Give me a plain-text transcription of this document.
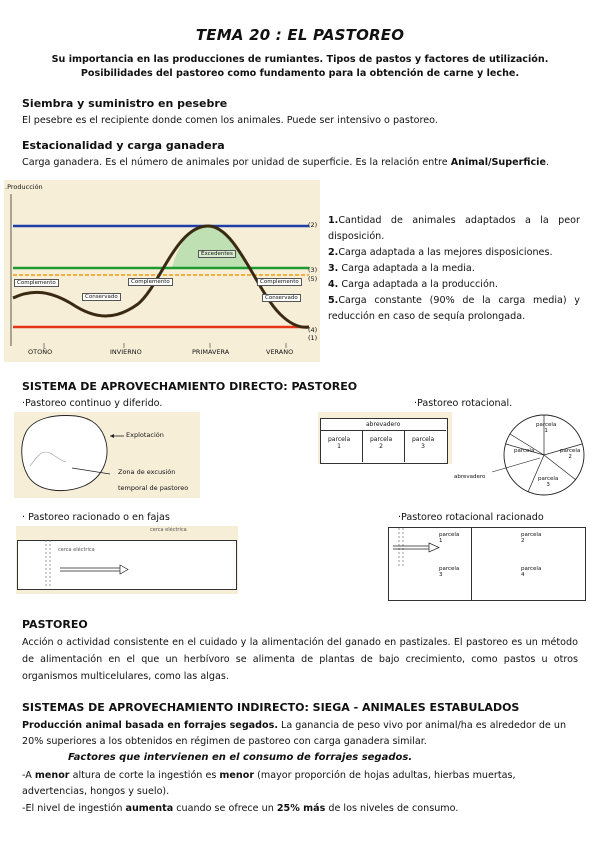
TEMA 20 : EL PASTOREO
Su importancia en las producciones de rumiantes. Tipos de pastos y factores de utilización. Posibilidades del pastoreo como fundamento para la obtención de carne y leche.
Siembra y suministro en pesebre
El pesebre es el recipiente donde comen los animales. Puede ser intensivo o pastoreo.
Estacionalidad y carga ganadera
Carga ganadera. Es el número de animales por unidad de superficie. Es la relación entre Animal/Superficie.
.Producción
Excedentes
Complemento
Conservado
Complemento	Complemento
Conservado
OTOÑO	INVIERNO	PRIMAVERA	VERANO
(2)
(3)
(5)
(4)
(1)
1.Cantidad de animales adaptados a la peor disposición.
2.Carga adaptada a las mejores disposiciones.
3. Carga adaptada a la media.
4. Carga adaptada a la producción.
5.Carga constante (90% de la carga media) y reducción en caso de sequía prolongada.
SISTEMA DE APROVECHAMIENTO DIRECTO: PASTOREO
·Pastoreo continuo y diferido.	·Pastoreo rotacional.
Explotación
Zona de excusión
temporal de pastoreo
abrevadero
parcela
1
parcela
2
parcela
3
parcela
1
parcela
2
parcela
3
parcela
abrevadero
· Pastoreo racionado o en fajas	·Pastoreo rotacional racionado
cerca eléctrica
cerca eléctrica
parcela
1
parcela
2
parcela
3
parcela
4
PASTOREO
Acción o actividad consistente en el cuidado y la alimentación del ganado en pastizales. El pastoreo es un método de alimentación en el que un herbívoro se alimenta de plantas de bajo crecimiento, como pastos u otros organismos multicelulares, como las algas.
SISTEMAS DE APROVECHAMIENTO INDIRECTO: SIEGA - ANIMALES ESTABULADOS
Producción animal basada en forrajes segados. La ganancia de peso vivo por animal/ha es alrededor de un 20% superiores a los obtenidos en régimen de pastoreo con carga ganadera similar.
Factores que intervienen en el consumo de forrajes segados.
-A menor altura de corte la ingestión es menor (mayor proporción de hojas adultas, hierbas muertas, advertencias, hongos y suelo).
-El nivel de ingestión aumenta cuando se ofrece un 25% más de los niveles de consumo.
